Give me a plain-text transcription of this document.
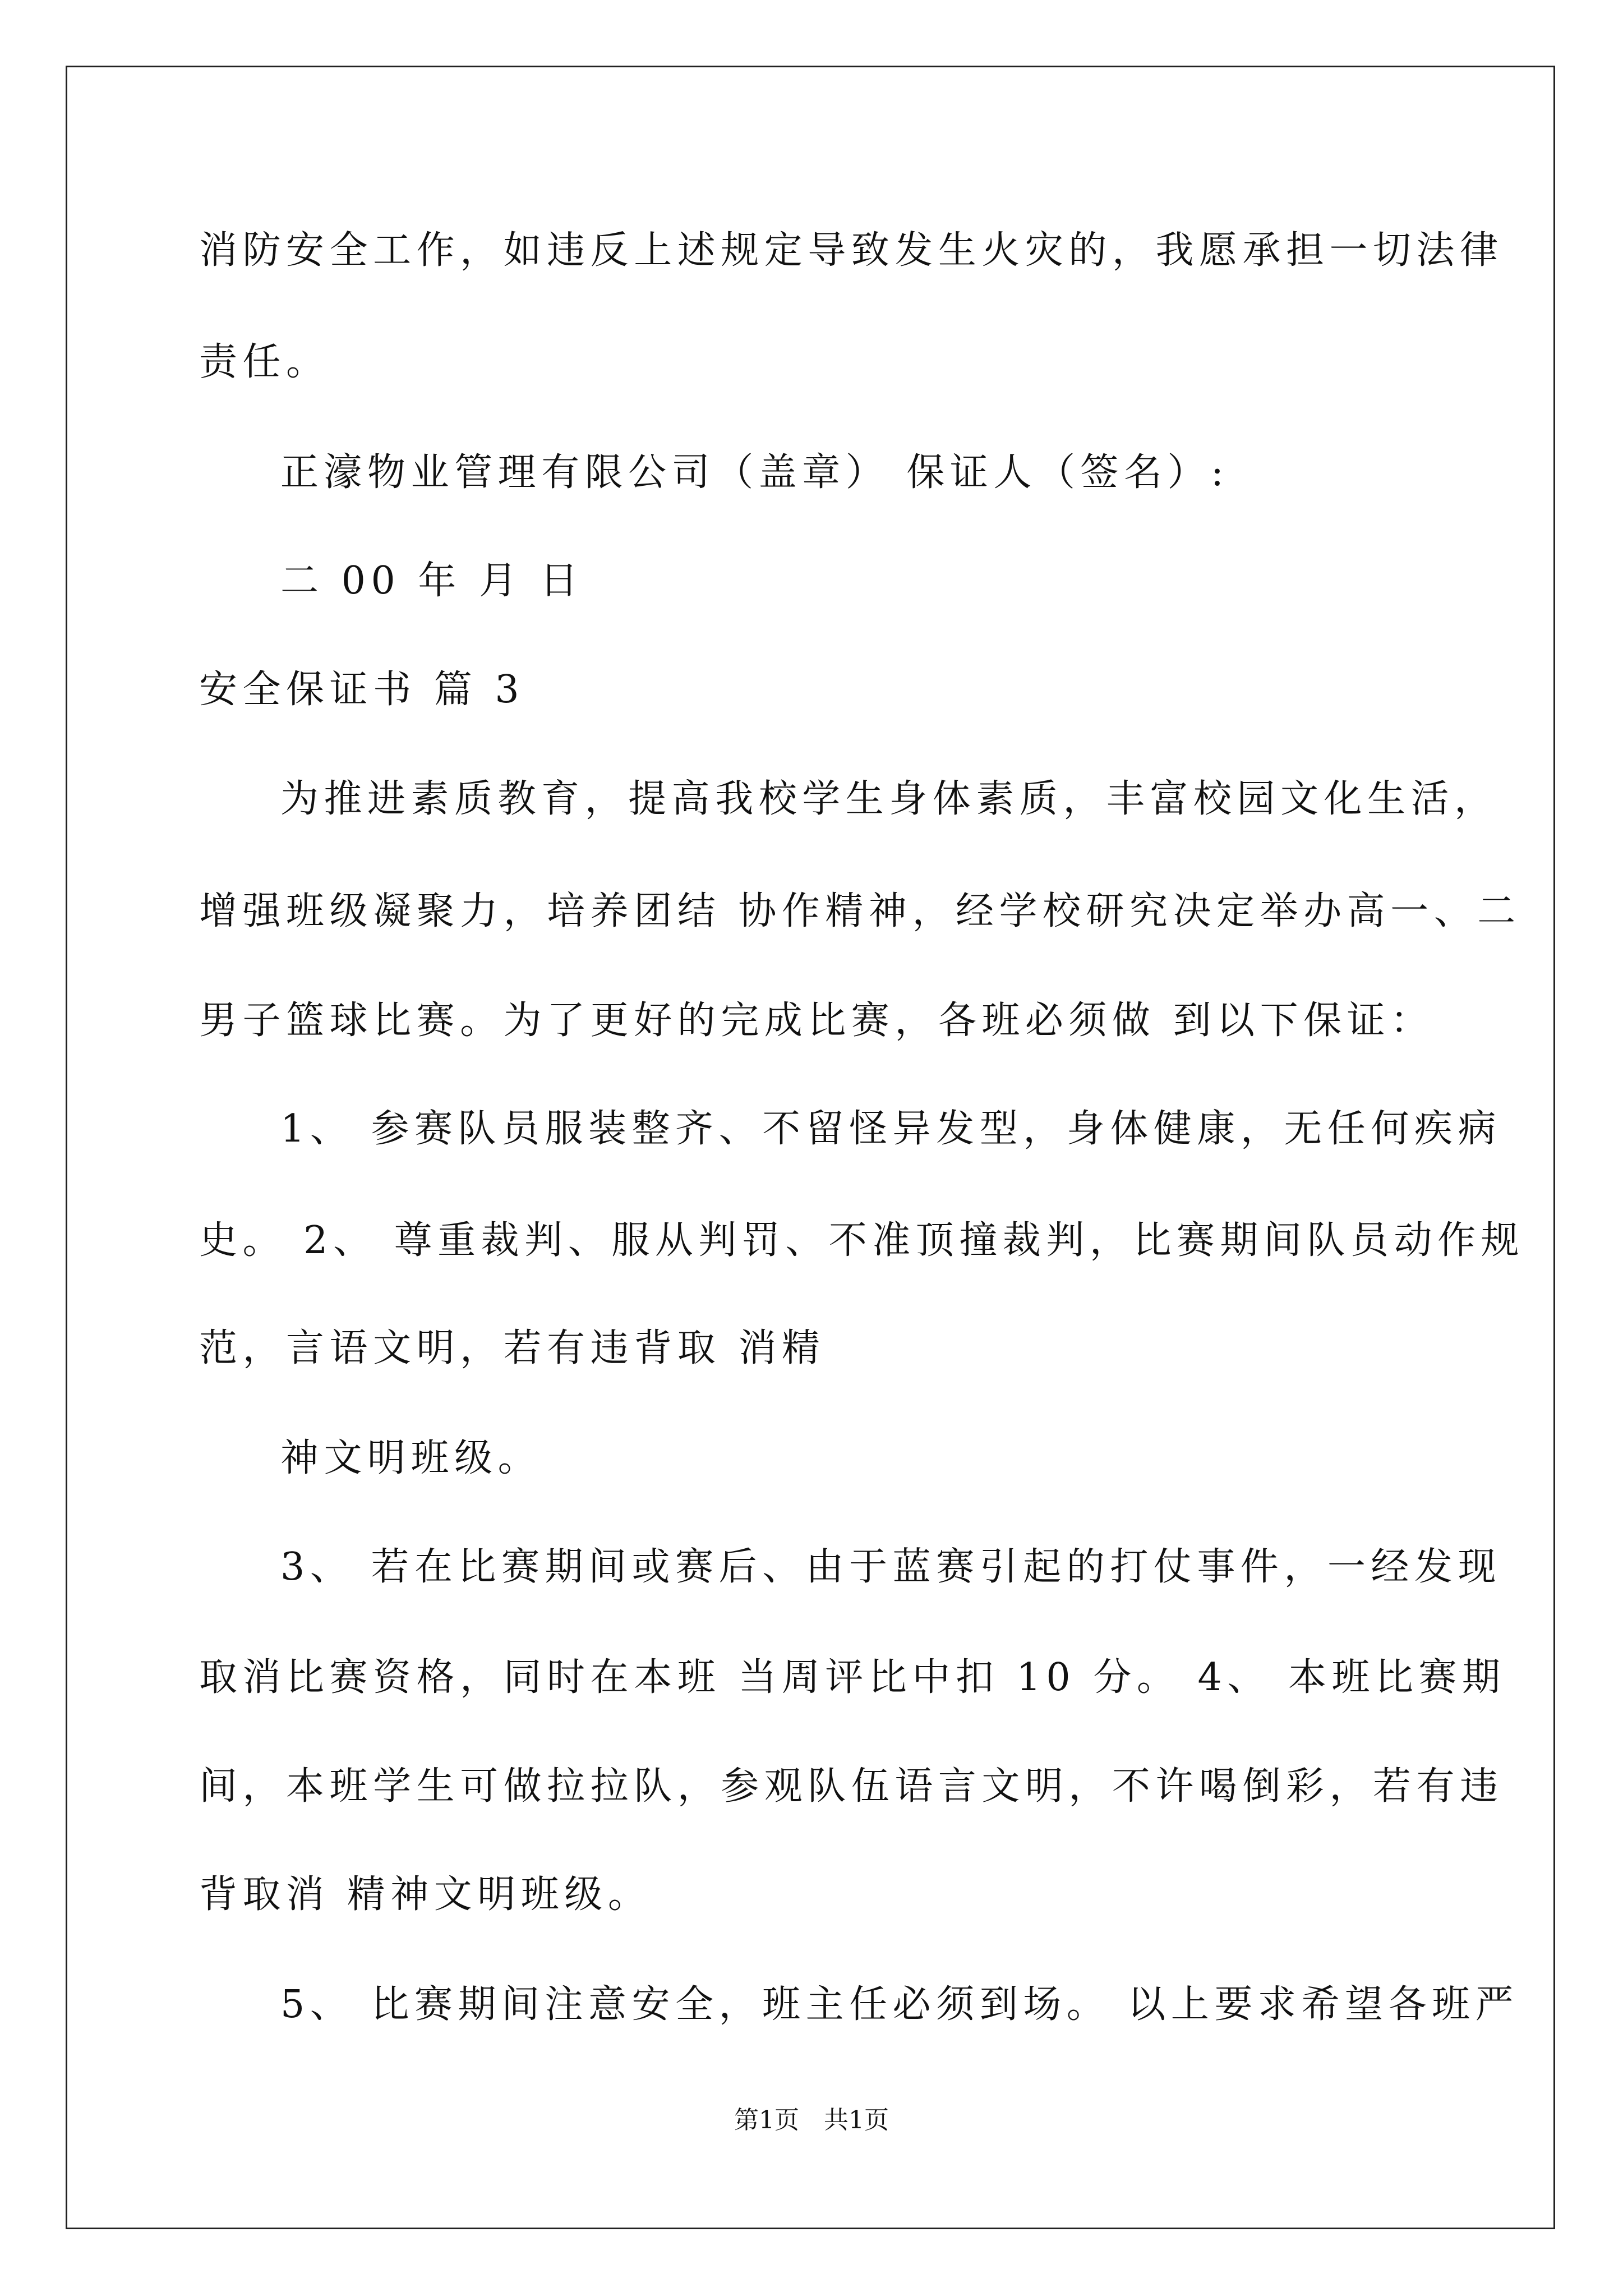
消防安全工作，如违反上述规定导致发生火灾的，我愿承担一切法律
责任。
正濠物业管理有限公司（盖章） 保证人（签名）:
二 00 年 月 日
安全保证书 篇 3
为推进素质教育，提高我校学生身体素质，丰富校园文化生活，
增强班级凝聚力，培养团结 协作精神，经学校研究决定举办高一、二
男子篮球比赛。为了更好的完成比赛，各班必须做 到以下保证：
1、 参赛队员服装整齐、不留怪异发型，身体健康，无任何疾病
史。 2、 尊重裁判、服从判罚、不准顶撞裁判，比赛期间队员动作规
范，言语文明，若有违背取 消精
神文明班级。
3、 若在比赛期间或赛后、由于蓝赛引起的打仗事件，一经发现
取消比赛资格，同时在本班 当周评比中扣 10 分。 4、 本班比赛期
间，本班学生可做拉拉队，参观队伍语言文明，不许喝倒彩，若有违
背取消 精神文明班级。
5、 比赛期间注意安全，班主任必须到场。 以上要求希望各班严
第1页　共1页
